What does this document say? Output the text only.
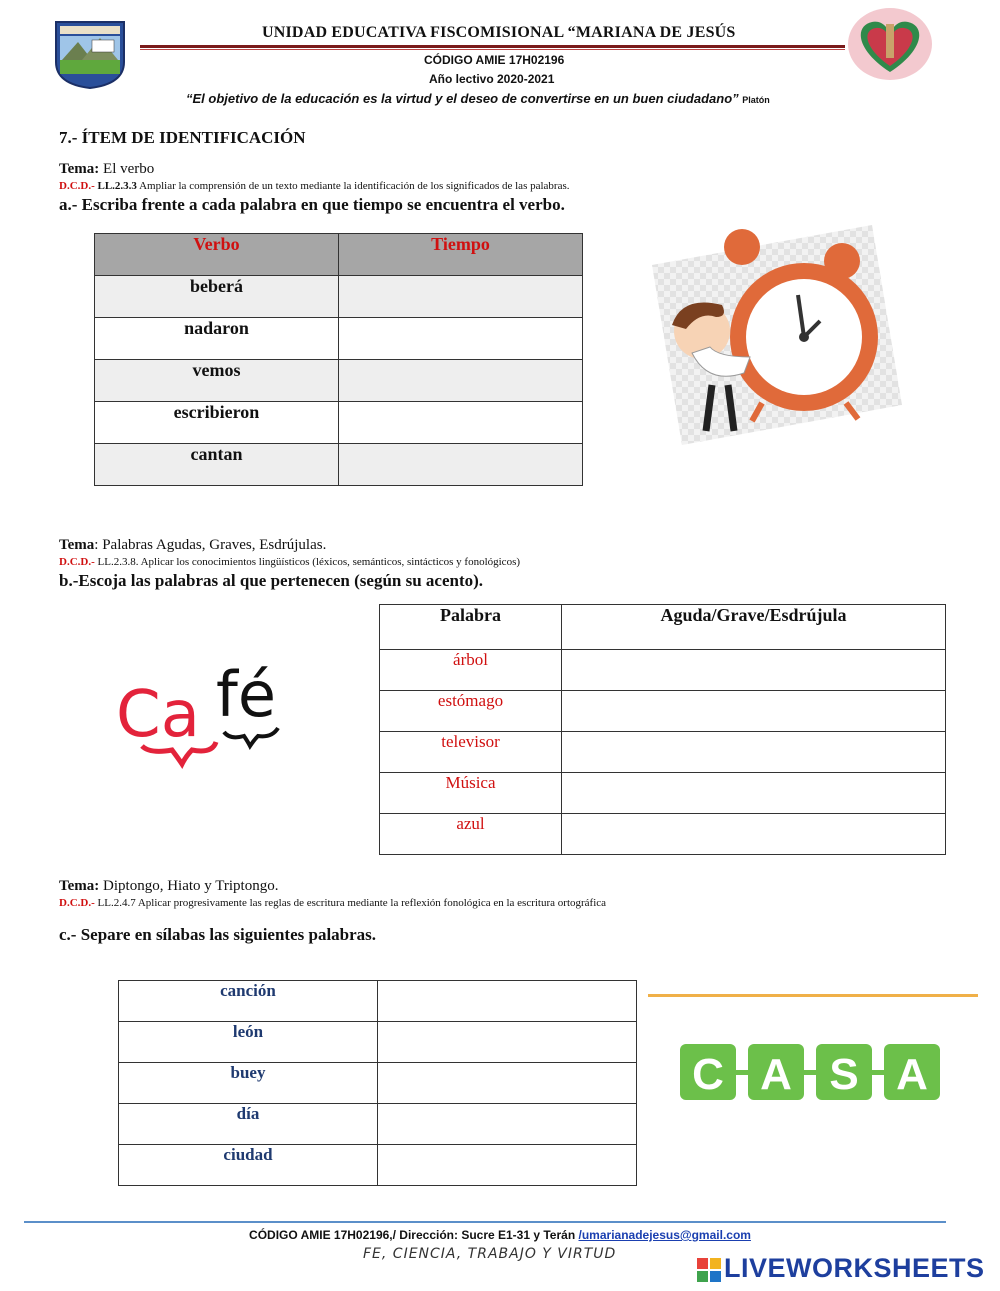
UNIDAD EDUCATIVA FISCOMISIONAL “MARIANA DE JESÚS
CÓDIGO AMIE 17H02196
Año lectivo 2020-2021
“El objetivo de la educación es la virtud y el deseo de convertirse en un buen ciudadano” Platón
7.- ÍTEM DE IDENTIFICACIÓN
Tema: El verbo
D.C.D.- LL.2.3.3 Ampliar la comprensión de un texto mediante la identificación de los significados de las palabras.
a.- Escriba frente a cada palabra en que tiempo se encuentra el verbo.
Verbo	Tiempo
beberá	
nadaron	
vemos	
escribieron	
cantan	
Tema: Palabras Agudas, Graves, Esdrújulas.
D.C.D.- LL.2.3.8. Aplicar los conocimientos lingüísticos (léxicos, semánticos, sintácticos y fonológicos)
b.-Escoja las palabras al que pertenecen (según su acento).
Ca fé
Palabra	Aguda/Grave/Esdrújula
árbol	
estómago	
televisor	
Música	
azul	
Tema: Diptongo, Hiato y Triptongo.
D.C.D.- LL.2.4.7 Aplicar progresivamente las reglas de escritura mediante la reflexión fonológica en la escritura ortográfica
c.- Separe en sílabas las siguientes palabras.
canción	
león	
buey	
día	
ciudad	
C A S A
CÓDIGO AMIE 17H02196,/ Dirección: Sucre E1-31 y Terán /umarianadejesus@gmail.com
FE, CIENCIA, TRABAJO Y VIRTUD	LIVEWORKSHEETS
